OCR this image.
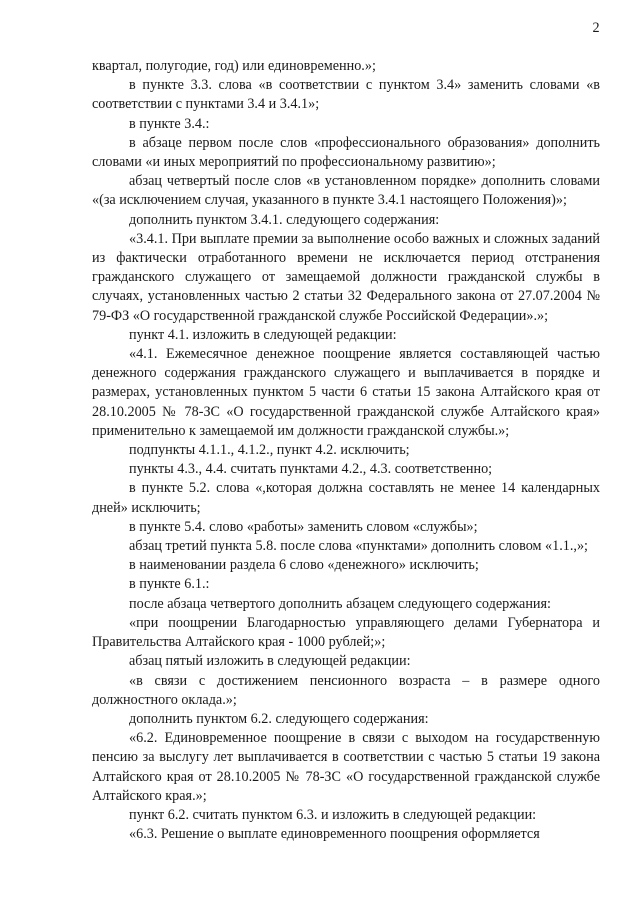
2

квартал, полугодие, год) или единовременно.»;

в пункте 3.3. слова «в соответствии с пунктом 3.4» заменить словами «в соответствии с пунктами 3.4 и 3.4.1»;

в пункте 3.4.:

в абзаце первом после слов «профессионального образования» дополнить словами «и иных мероприятий по профессиональному развитию»;

абзац четвертый после слов «в установленном порядке» дополнить словами «(за исключением случая, указанного в пункте 3.4.1 настоящего Положения)»;

дополнить пунктом 3.4.1. следующего содержания:

«3.4.1. При выплате премии за выполнение особо важных и сложных заданий из фактически отработанного времени не исключается период отстранения гражданского служащего от замещаемой должности гражданской службы в случаях, установленных частью 2 статьи 32 Федерального закона от 27.07.2004 № 79-ФЗ «О государственной гражданской службе Российской Федерации».»;

пункт 4.1. изложить в следующей редакции:

«4.1. Ежемесячное денежное поощрение является составляющей частью денежного содержания гражданского служащего и выплачивается в порядке и размерах, установленных пунктом 5 части 6 статьи 15 закона Алтайского края от 28.10.2005 № 78-ЗС «О государственной гражданской службе Алтайского края» применительно к замещаемой им должности гражданской службы.»;

подпункты 4.1.1., 4.1.2., пункт 4.2. исключить;

пункты 4.3., 4.4. считать пунктами 4.2., 4.3. соответственно;

в пункте 5.2. слова «,которая должна составлять не менее 14 календарных дней» исключить;

в пункте 5.4. слово «работы» заменить словом «службы»;

абзац третий пункта 5.8. после слова «пунктами» дополнить словом «1.1.,»;

в наименовании раздела 6 слово «денежного» исключить;

в пункте 6.1.:

после абзаца четвертого дополнить абзацем следующего содержания:

«при поощрении Благодарностью управляющего делами Губернатора и Правительства Алтайского края - 1000 рублей;»;

абзац пятый изложить в следующей редакции:

«в связи с достижением пенсионного возраста – в размере одного должностного оклада.»;

дополнить пунктом 6.2. следующего содержания:

«6.2. Единовременное поощрение в связи с выходом на государственную пенсию за выслугу лет выплачивается в соответствии с частью 5 статьи 19 закона Алтайского края от 28.10.2005 № 78-ЗС «О государственной гражданской службе Алтайского края.»;

пункт 6.2. считать пунктом 6.3. и изложить в следующей редакции:

«6.3. Решение о выплате единовременного поощрения оформляется
